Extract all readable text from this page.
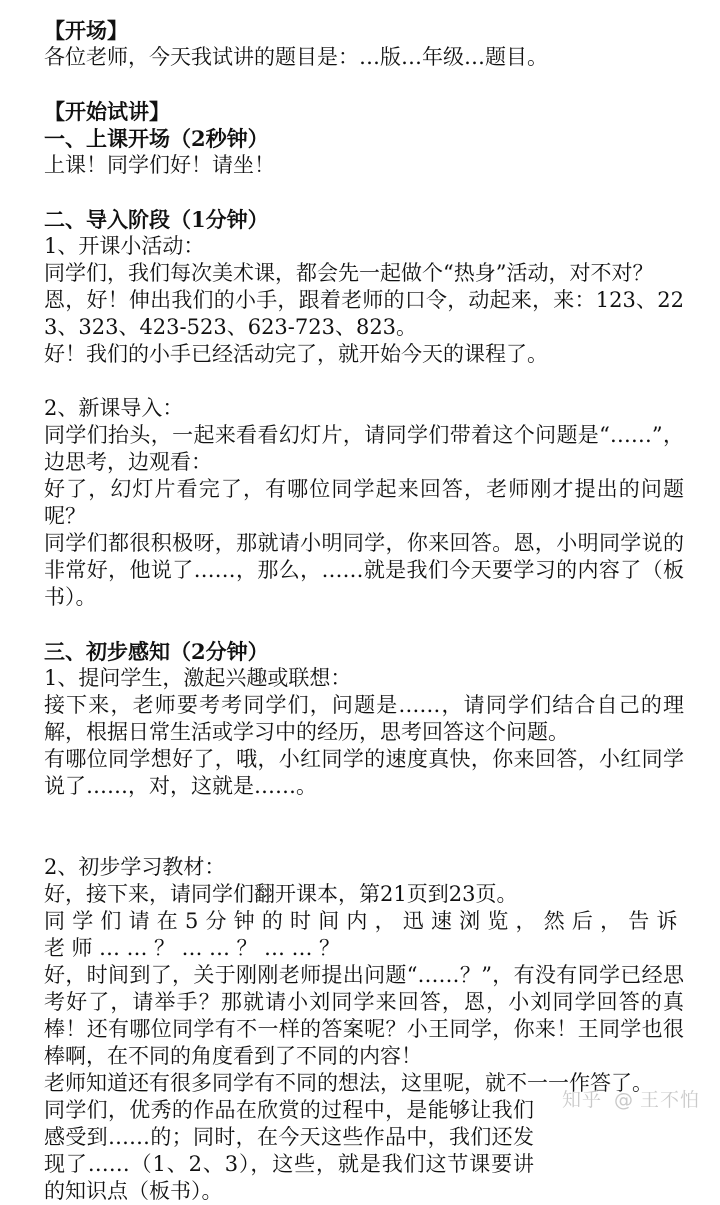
【开场】
各位老师，今天我试讲的题目是：…版…年级…题目。
【开始试讲】
一、上课开场（2秒钟）
上课！同学们好！请坐！
二、导入阶段（1分钟）
1、开课小活动：
同学们，我们每次美术课，都会先一起做个“热身”活动，对不对？
恩，好！伸出我们的小手，跟着老师的口令，动起来，来：123、223、323、423-523、623-723、823。
好！我们的小手已经活动完了，就开始今天的课程了。
2、新课导入：
同学们抬头，一起来看看幻灯片，请同学们带着这个问题是“……”，边思考，边观看：
好了，幻灯片看完了，有哪位同学起来回答，老师刚才提出的问题呢？
同学们都很积极呀，那就请小明同学，你来回答。恩，小明同学说的非常好，他说了……，那么，……就是我们今天要学习的内容了（板书）。
三、初步感知（2分钟）
1、提问学生，激起兴趣或联想：
接下来，老师要考考同学们，问题是……，请同学们结合自己的理解，根据日常生活或学习中的经历，思考回答这个问题。
有哪位同学想好了，哦，小红同学的速度真快，你来回答，小红同学说了……，对，这就是……。
2、初步学习教材：
好，接下来，请同学们翻开课本，第21页到23页。
同学们请在5分钟的时间内，迅速浏览，然后，告诉老师……？……？……？
好，时间到了，关于刚刚老师提出问题“……？”，有没有同学已经思考好了，请举手？那就请小刘同学来回答，恩，小刘同学回答的真棒！还有哪位同学有不一样的答案呢？小王同学，你来！王同学也很棒啊，在不同的角度看到了不同的内容！
老师知道还有很多同学有不同的想法，这里呢，就不一一作答了。
同学们，优秀的作品在欣赏的过程中，是能够让我们感受到……的；同时，在今天这些作品中，我们还发现了……（1、2、3），这些，就是我们这节课要讲的知识点（板书）。
知乎 @ 王不怕
